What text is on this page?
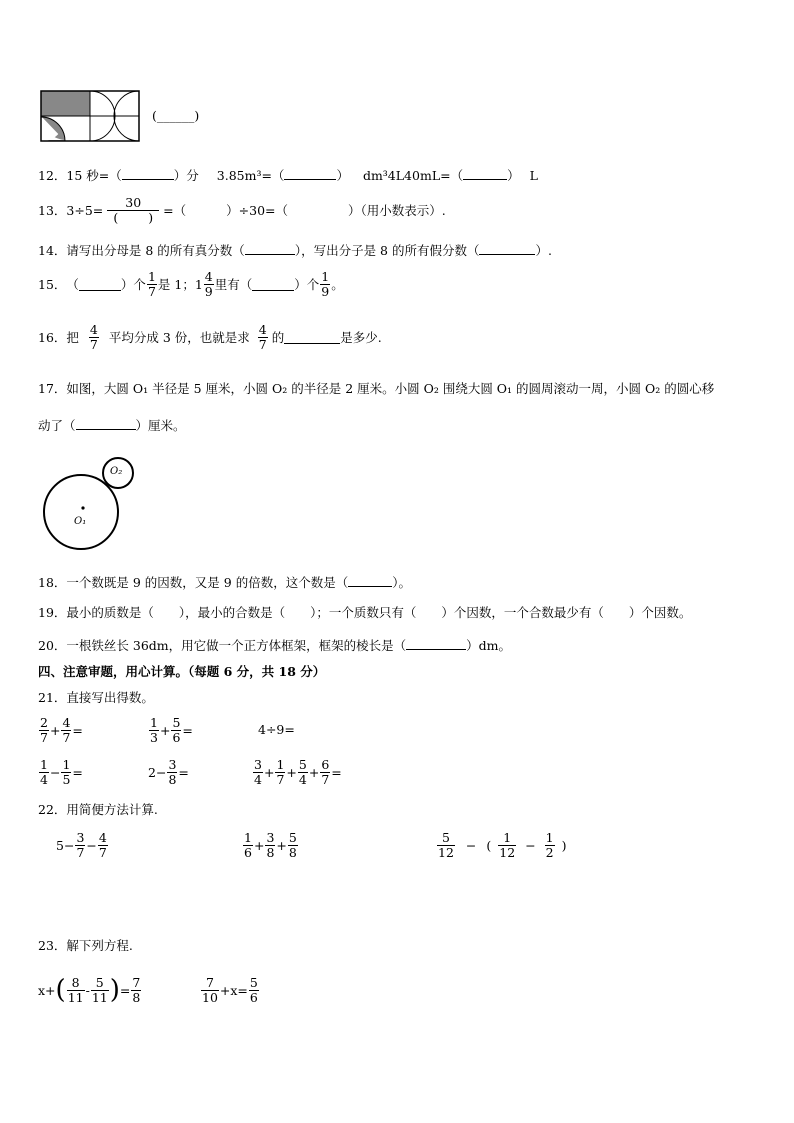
(______)
12．15 秒=（	）分 3.85m³=（	） dm³4L40mL=（	） L
13． $3\div 5= \frac{30}{( )}$ =（	）÷30=（	）（用小数表示）.
14．请写出分母是 8 的所有真分数（	），写出分子是 8 的所有假分数（	）.
15． （	）个 $\frac{1}{7}$ 是 1；$1 \frac{4}{9}$ 里有（	）个 $\frac{1}{9}$ 。
16． 把 $\frac{4}{7}$ 平均分成 3 份，也就是求 $\frac{4}{7}$ 的	是多少.
17．如图，大圆 O₁ 半径是 5 厘米，小圆 O₂ 的半径是 2 厘米。小圆 O₂ 围绕大圆 O₁ 的圆周滚动一周，小圆 O₂ 的圆心移
动了（	）厘米。
O₁
O₂
18．一个数既是 9 的因数，又是 9 的倍数，这个数是（	）。
19．最小的质数是（　　），最小的合数是（　　）；一个质数只有（　　）个因数，一个合数最少有（　　）个因数。
20．一根铁丝长 36dm，用它做一个正方体框架，框架的棱长是（	）dm。
四、注意审题，用心计算。（每题 6 分，共 18 分）
21．直接写出得数。
$\frac{2}{7} + \frac{4}{7}$ =	$\frac{1}{3} + \frac{5}{6}$ =	4÷9=
$\frac{1}{4} - \frac{1}{5}$ =	$2- \frac{3}{8}$ =	$\frac{3}{4} + \frac{1}{7} + \frac{5}{4} + \frac{6}{7}$ =
22．用简便方法计算.
$5- \frac{3}{7} - \frac{4}{7}$	$\frac{1}{6} + \frac{3}{8} + \frac{5}{8}$	$\frac{5}{12}$ − ( $\frac{1}{12} - \frac{1}{2}$ )
23．解下列方程.
x+ ( $\frac{8}{11} - \frac{5}{11}$ ) = $\frac{7}{8}$	$\frac{7}{10} +x= \frac{5}{6}$
